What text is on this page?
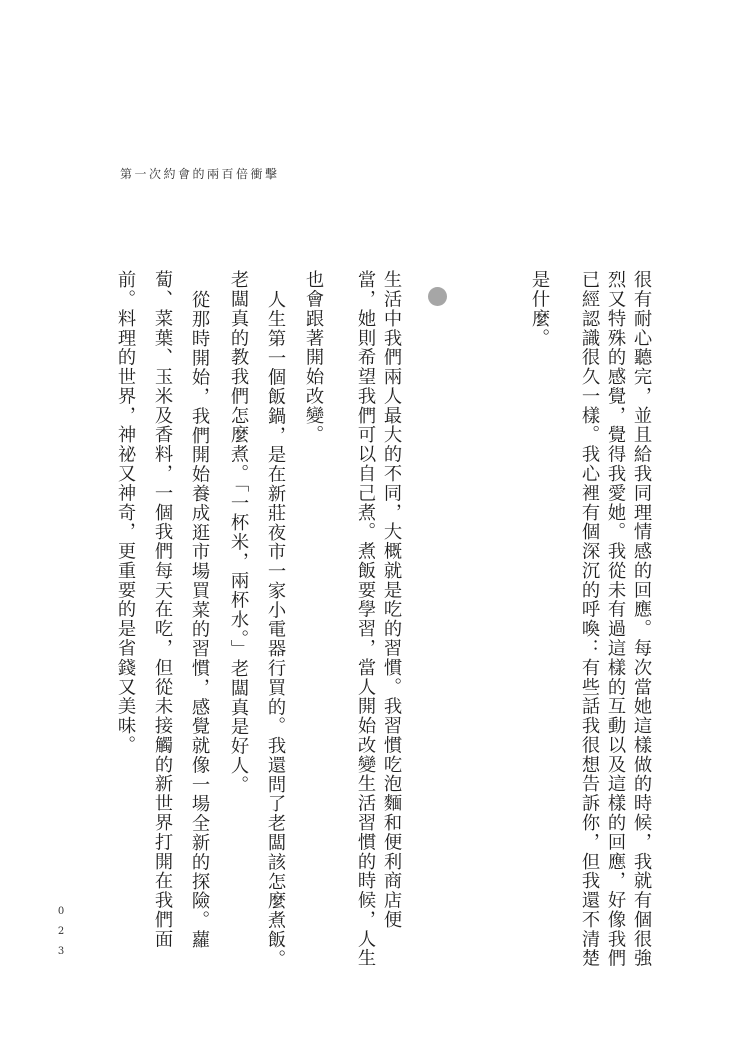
第一次約會的兩百倍衝擊
很有耐心聽完，並且給我同理情感的回應。每次當她這樣做的時候，我就有個很強
烈又特殊的感覺，覺得我愛她。我從未有過這樣的互動以及這樣的回應，好像我們
已經認識很久一樣。我心裡有個深沉的呼喚：有些話我很想告訴你，但我還不清楚
是什麼。
生活中我們兩人最大的不同，大概就是吃的習慣。我習慣吃泡麵和便利商店便
當，她則希望我們可以自己煮。煮飯要學習，當人開始改變生活習慣的時候，人生
也會跟著開始改變。
人生第一個飯鍋，是在新莊夜市一家小電器行買的。我還問了老闆該怎麼煮飯。
老闆真的教我們怎麼煮。「一杯米，兩杯水。」老闆真是好人。
從那時開始，我們開始養成逛市場買菜的習慣，感覺就像一場全新的探險。蘿
蔔、菜葉、玉米及香料，一個我們每天在吃，但從未接觸的新世界打開在我們面
前。料理的世界，神祕又神奇，更重要的是省錢又美味。
023
